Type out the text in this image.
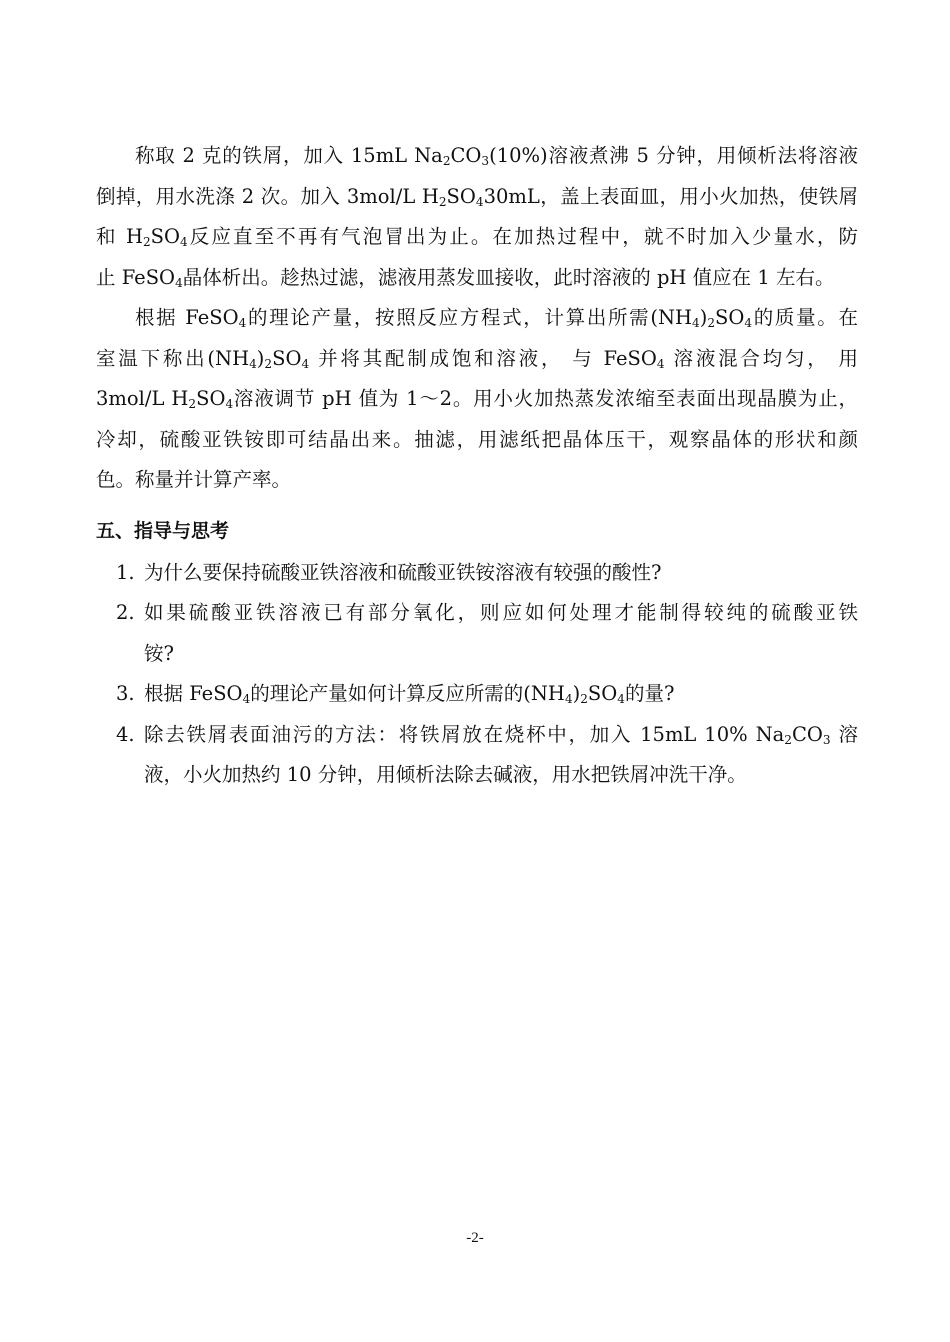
称取 2 克的铁屑，加入 15mL $Na_2CO_3(10\%)$溶液煮沸 5 分钟，用倾析法将溶液
倒掉，用水洗涤 2 次。加入 3mol/L $H_2SO_430mL$，盖上表面皿，用小火加热，使铁屑
和 $H_2SO_4$反应直至不再有气泡冒出为止。在加热过程中，就不时加入少量水，防
止 FeSO$_4$晶体析出。趁热过滤，滤液用蒸发皿接收，此时溶液的 pH 值应在 1 左右。

根据 FeSO$_4$的理论产量，按照反应方程式，计算出所需$(NH_4)_2SO_4$的质量。在
室温下称出$(NH_4)_2SO_4$ 并将其配制成饱和溶液， 与 FeSO$_4$ 溶液混合均匀， 用
3mol/L $H_2SO_4$溶液调节 pH 值为 1～2。用小火加热蒸发浓缩至表面出现晶膜为止，
冷却，硫酸亚铁铵即可结晶出来。抽滤，用滤纸把晶体压干，观察晶体的形状和颜
色。称量并计算产率。

五、指导与思考
1. 为什么要保持硫酸亚铁溶液和硫酸亚铁铵溶液有较强的酸性?
2. 如果硫酸亚铁溶液已有部分氧化，则应如何处理才能制得较纯的硫酸亚铁
铵?
3. 根据 FeSO$_4$的理论产量如何计算反应所需的$(NH_4)_2SO_4$的量?
4. 除去铁屑表面油污的方法：将铁屑放在烧杯中，加入 15mL 10% $Na_2CO_3$ 溶
液，小火加热约 10 分钟，用倾析法除去碱液，用水把铁屑冲洗干净。
-2-
